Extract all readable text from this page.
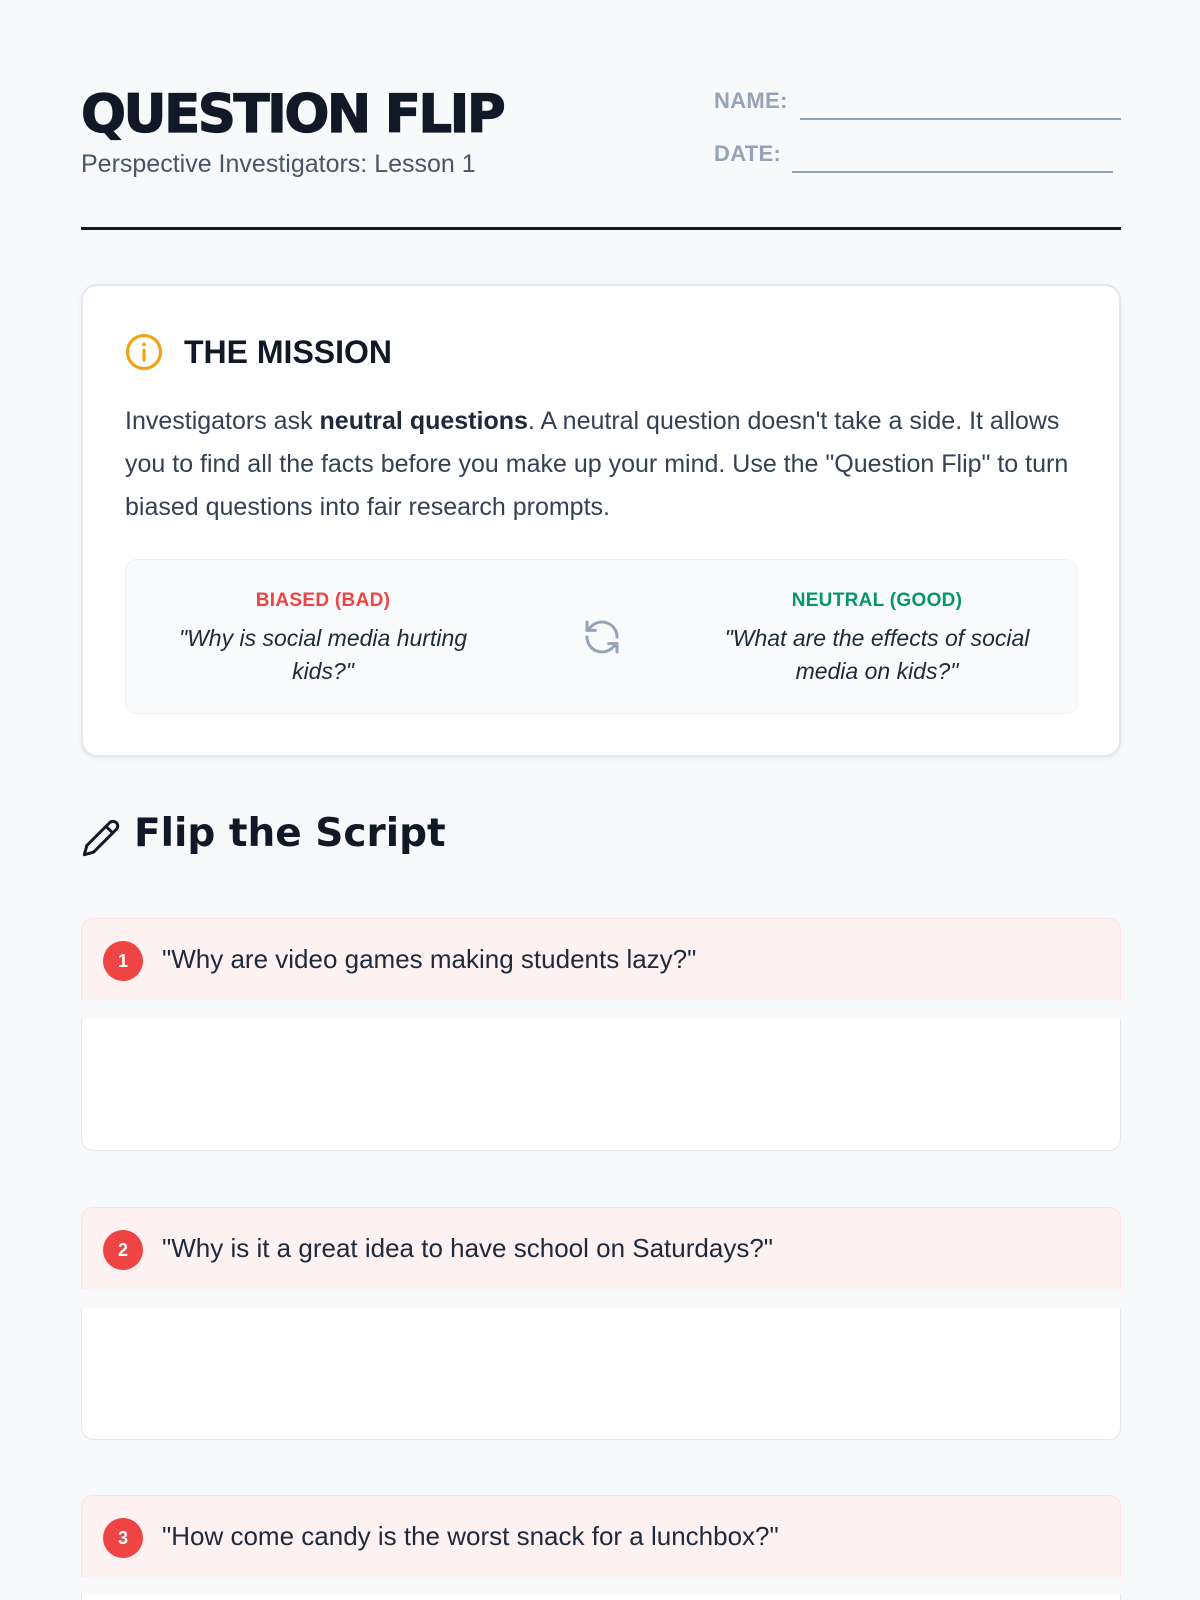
QUESTION FLIP
Perspective Investigators: Lesson 1
NAME:
DATE:
THE MISSION

Investigators ask neutral questions. A neutral question doesn't take a side. It allows you to find all the facts before you make up your mind. Use the "Question Flip" to turn biased questions into fair research prompts.

BIASED (BAD)
"Why is social media hurting kids?"
NEUTRAL (GOOD)
"What are the effects of social media on kids?"
Flip the Script
1	"Why are video games making students lazy?"
2	"Why is it a great idea to have school on Saturdays?"
3	"How come candy is the worst snack for a lunchbox?"
